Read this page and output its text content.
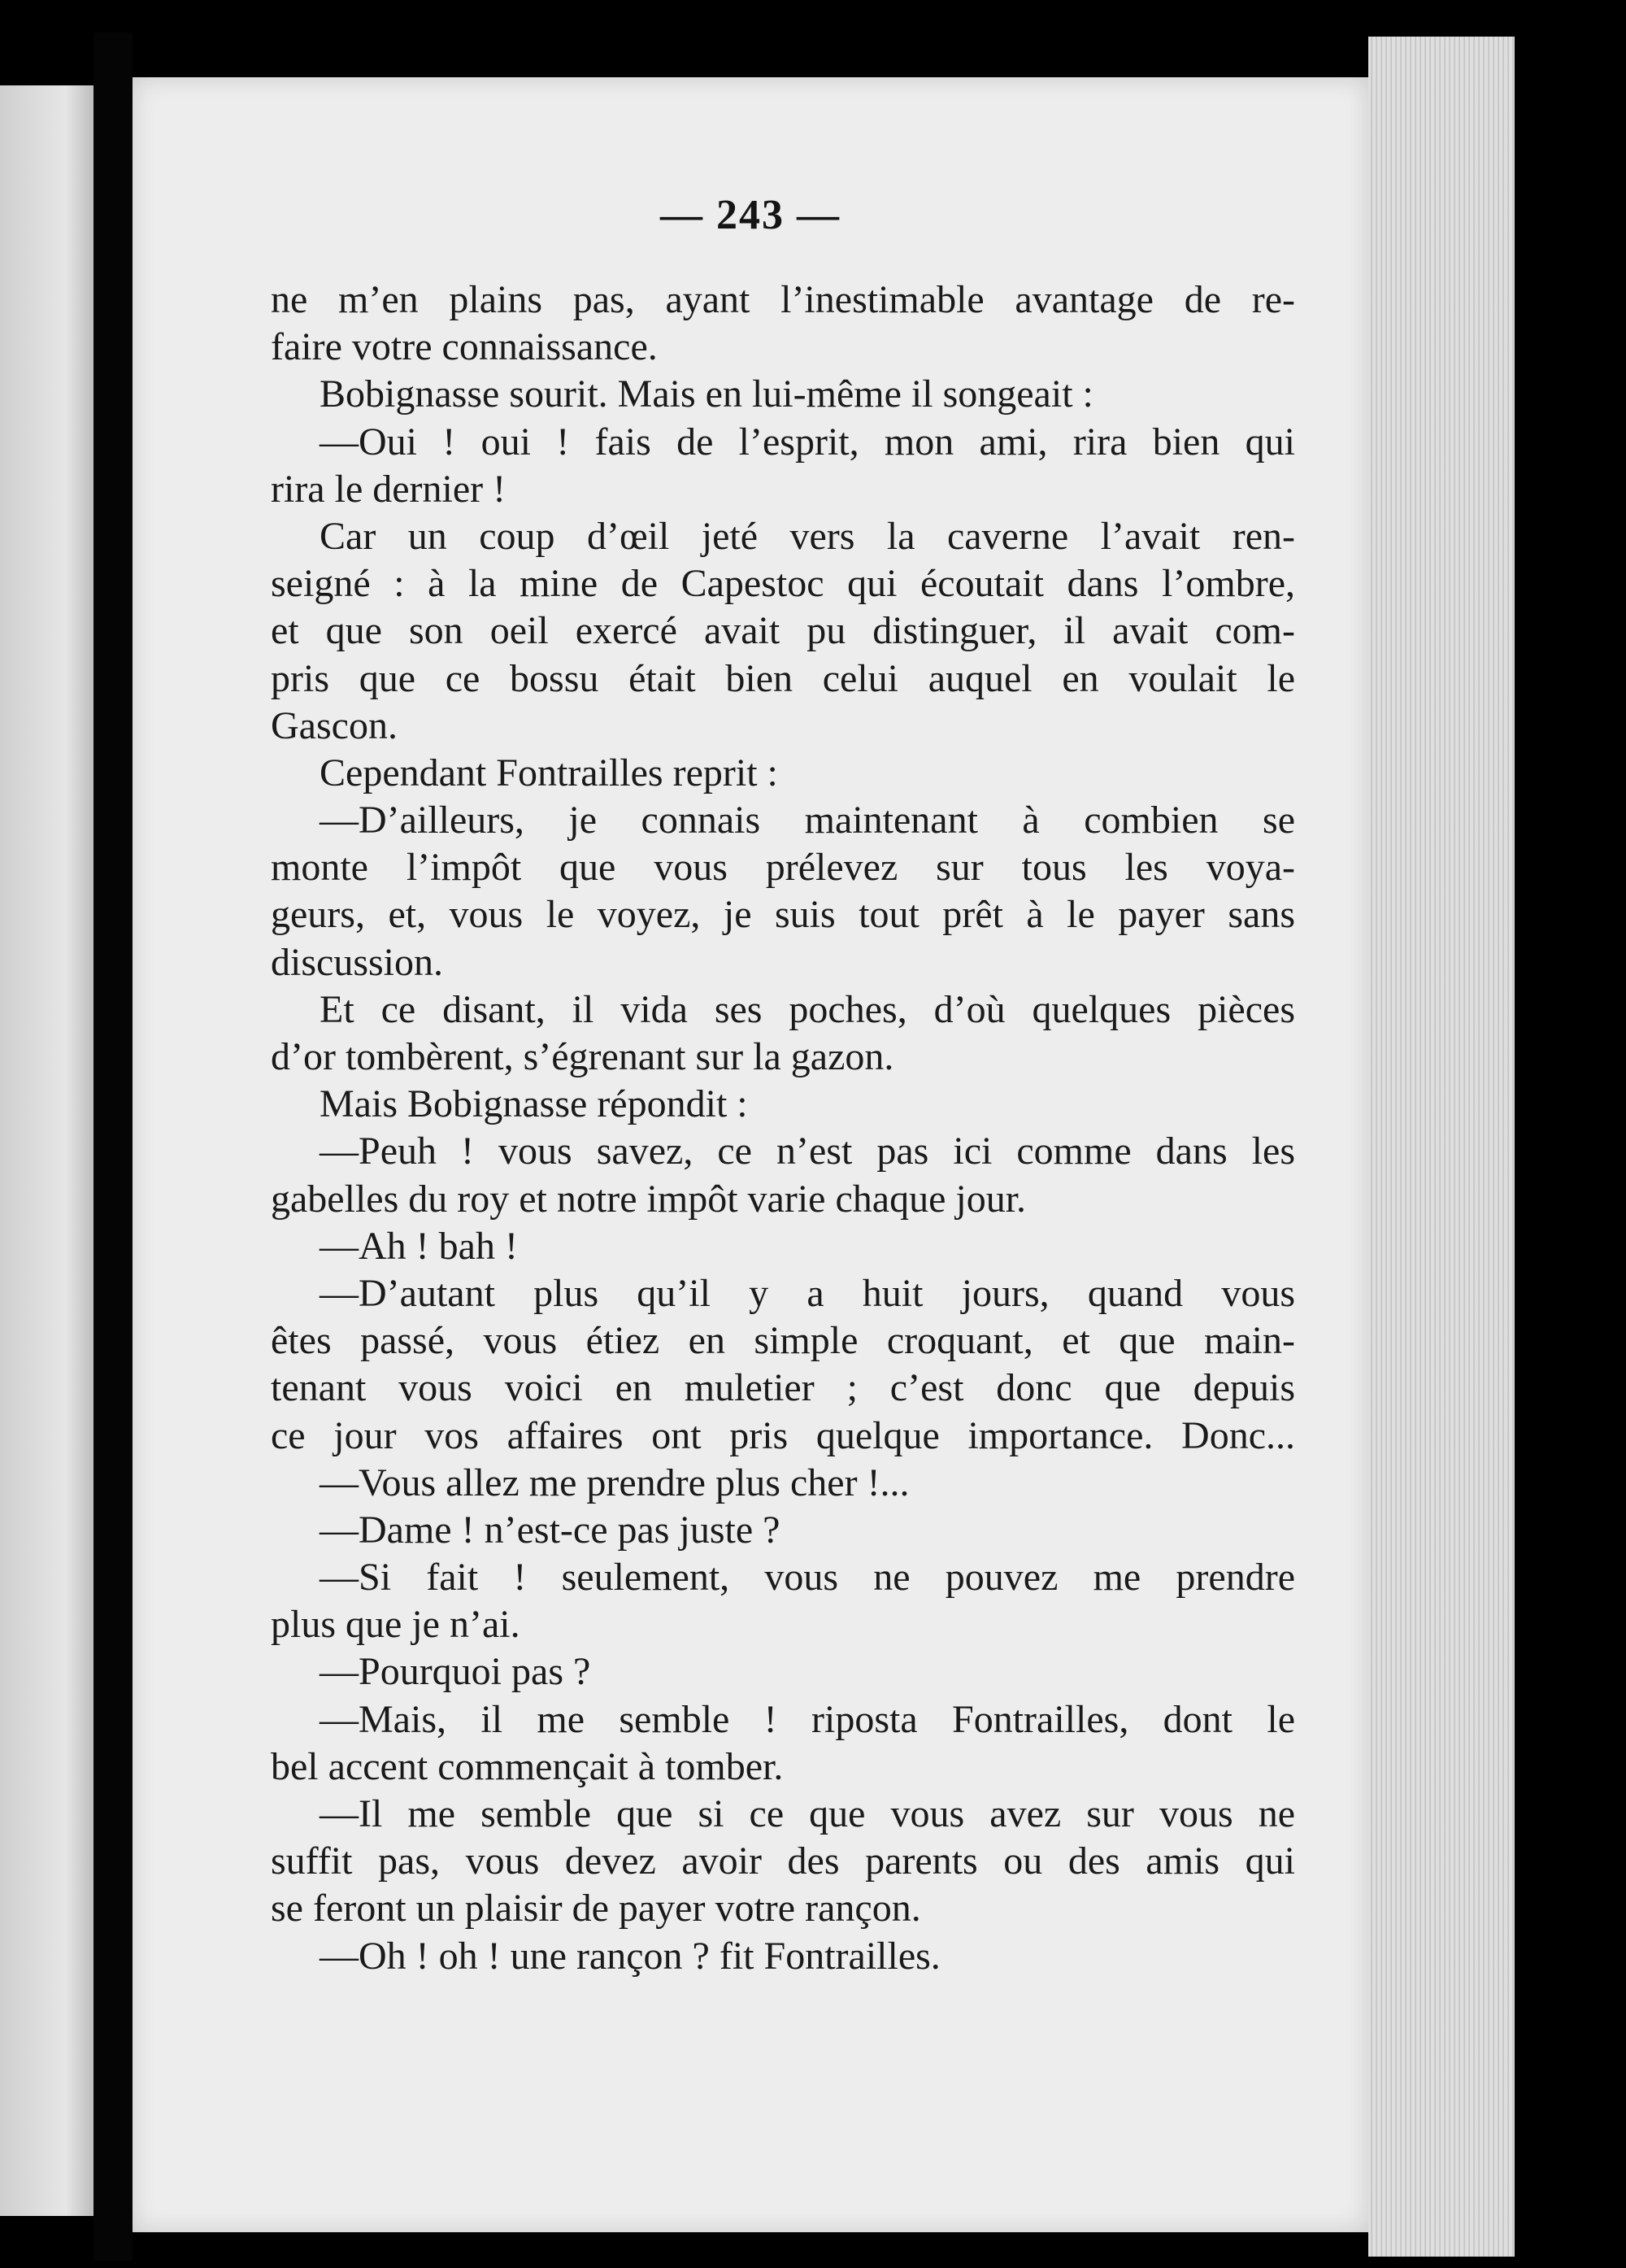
— 243 —
ne m’en plains pas, ayant l’inestimable avantage de re-
faire votre connaissance.
Bobignasse sourit. Mais en lui-même il songeait :
—Oui ! oui ! fais de l’esprit, mon ami, rira bien qui
rira le dernier !
Car un coup d’œil jeté vers la caverne l’avait ren-
seigné : à la mine de Capestoc qui écoutait dans l’ombre,
et que son oeil exercé avait pu distinguer, il avait com-
pris que ce bossu était bien celui auquel en voulait le
Gascon.
Cependant Fontrailles reprit :
—D’ailleurs, je connais maintenant à combien se
monte l’impôt que vous prélevez sur tous les voya-
geurs, et, vous le voyez, je suis tout prêt à le payer sans
discussion.
Et ce disant, il vida ses poches, d’où quelques pièces
d’or tombèrent, s’égrenant sur la gazon.
Mais Bobignasse répondit :
—Peuh ! vous savez, ce n’est pas ici comme dans les
gabelles du roy et notre impôt varie chaque jour.
—Ah ! bah !
—D’autant plus qu’il y a huit jours, quand vous
êtes passé, vous étiez en simple croquant, et que main-
tenant vous voici en muletier ; c’est donc que depuis
ce jour vos affaires ont pris quelque importance. Donc...
—Vous allez me prendre plus cher !...
—Dame ! n’est-ce pas juste ?
—Si fait ! seulement, vous ne pouvez me prendre
plus que je n’ai.
—Pourquoi pas ?
—Mais, il me semble ! riposta Fontrailles, dont le
bel accent commençait à tomber.
—Il me semble que si ce que vous avez sur vous ne
suffit pas, vous devez avoir des parents ou des amis qui
se feront un plaisir de payer votre rançon.
—Oh ! oh ! une rançon ? fit Fontrailles.
